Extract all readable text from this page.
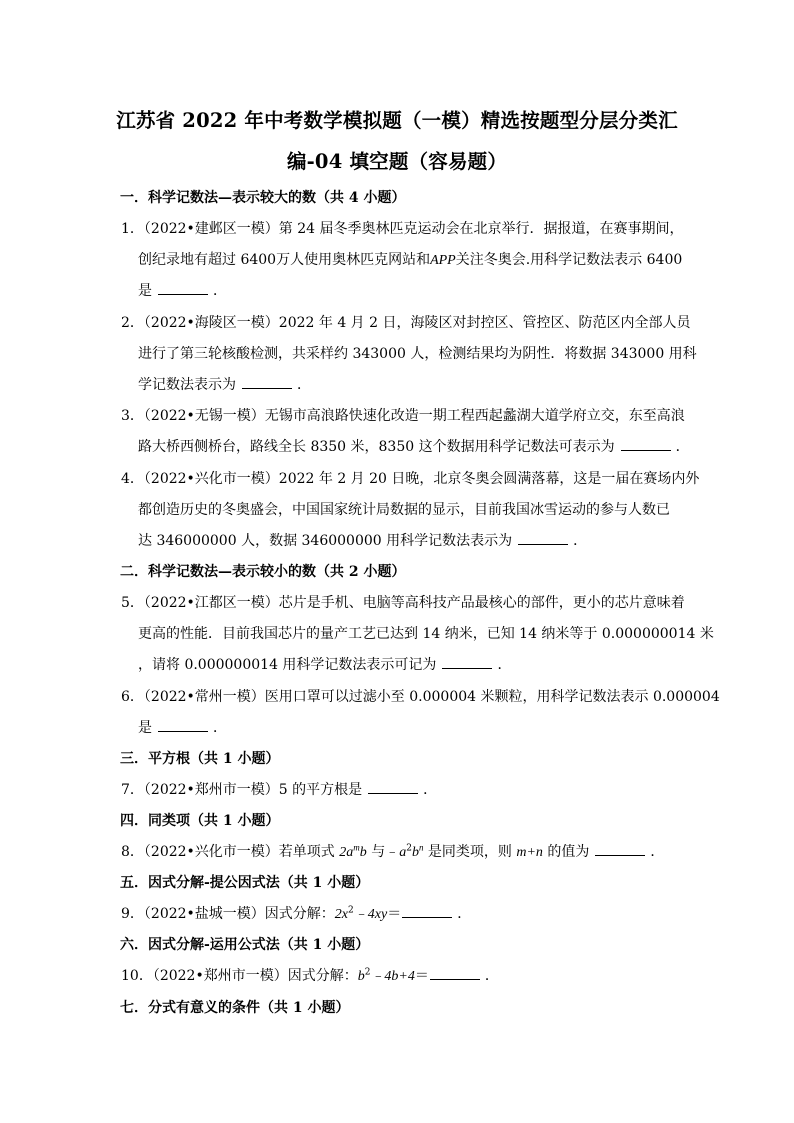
江苏省 2022 年中考数学模拟题（一模）精选按题型分层分类汇
编-04 填空题（容易题）
一．科学记数法—表示较大的数（共 4 小题）
1．（2022•建邺区一模）第 24 届冬季奥林匹克运动会在北京举行．据报道，在赛事期间，
创纪录地有超过 6400万人使用奥林匹克网站和APP关注冬奥会.用科学记数法表示 6400
是	．
2．（2022•海陵区一模）2022 年 4 月 2 日，海陵区对封控区、管控区、防范区内全部人员
进行了第三轮核酸检测，共采样约 343000 人，检测结果均为阴性．将数据 343000 用科
学记数法表示为	．
3．（2022•无锡一模）无锡市高浪路快速化改造一期工程西起蠡湖大道学府立交，东至高浪
路大桥西侧桥台，路线全长 8350 米，8350 这个数据用科学记数法可表示为	．
4．（2022•兴化市一模）2022 年 2 月 20 日晚，北京冬奥会圆满落幕，这是一届在赛场内外
都创造历史的冬奥盛会，中国国家统计局数据的显示，目前我国冰雪运动的参与人数已
达 346000000 人，数据 346000000 用科学记数法表示为	．
二．科学记数法—表示较小的数（共 2 小题）
5．（2022•江都区一模）芯片是手机、电脑等高科技产品最核心的部件，更小的芯片意味着
更高的性能．目前我国芯片的量产工艺已达到 14 纳米，已知 14 纳米等于 0.000000014 米
，请将 0.000000014 用科学记数法表示可记为	．
6．（2022•常州一模）医用口罩可以过滤小至 0.000004 米颗粒，用科学记数法表示 0.000004
是	．
三．平方根（共 1 小题）
7．（2022•郑州市一模）5 的平方根是	．
四．同类项（共 1 小题）
8．（2022•兴化市一模）若单项式 $2a^mb$ 与$﹣a^2b^n$ 是同类项，则 m+n 的值为	．
五．因式分解-提公因式法（共 1 小题）
9．（2022•盐城一模）因式分解：$2x^2﹣4xy=$	．
六．因式分解-运用公式法（共 1 小题）
10．（2022•郑州市一模）因式分解：$b^2﹣4b+4=$	．
七．分式有意义的条件（共 1 小题）
